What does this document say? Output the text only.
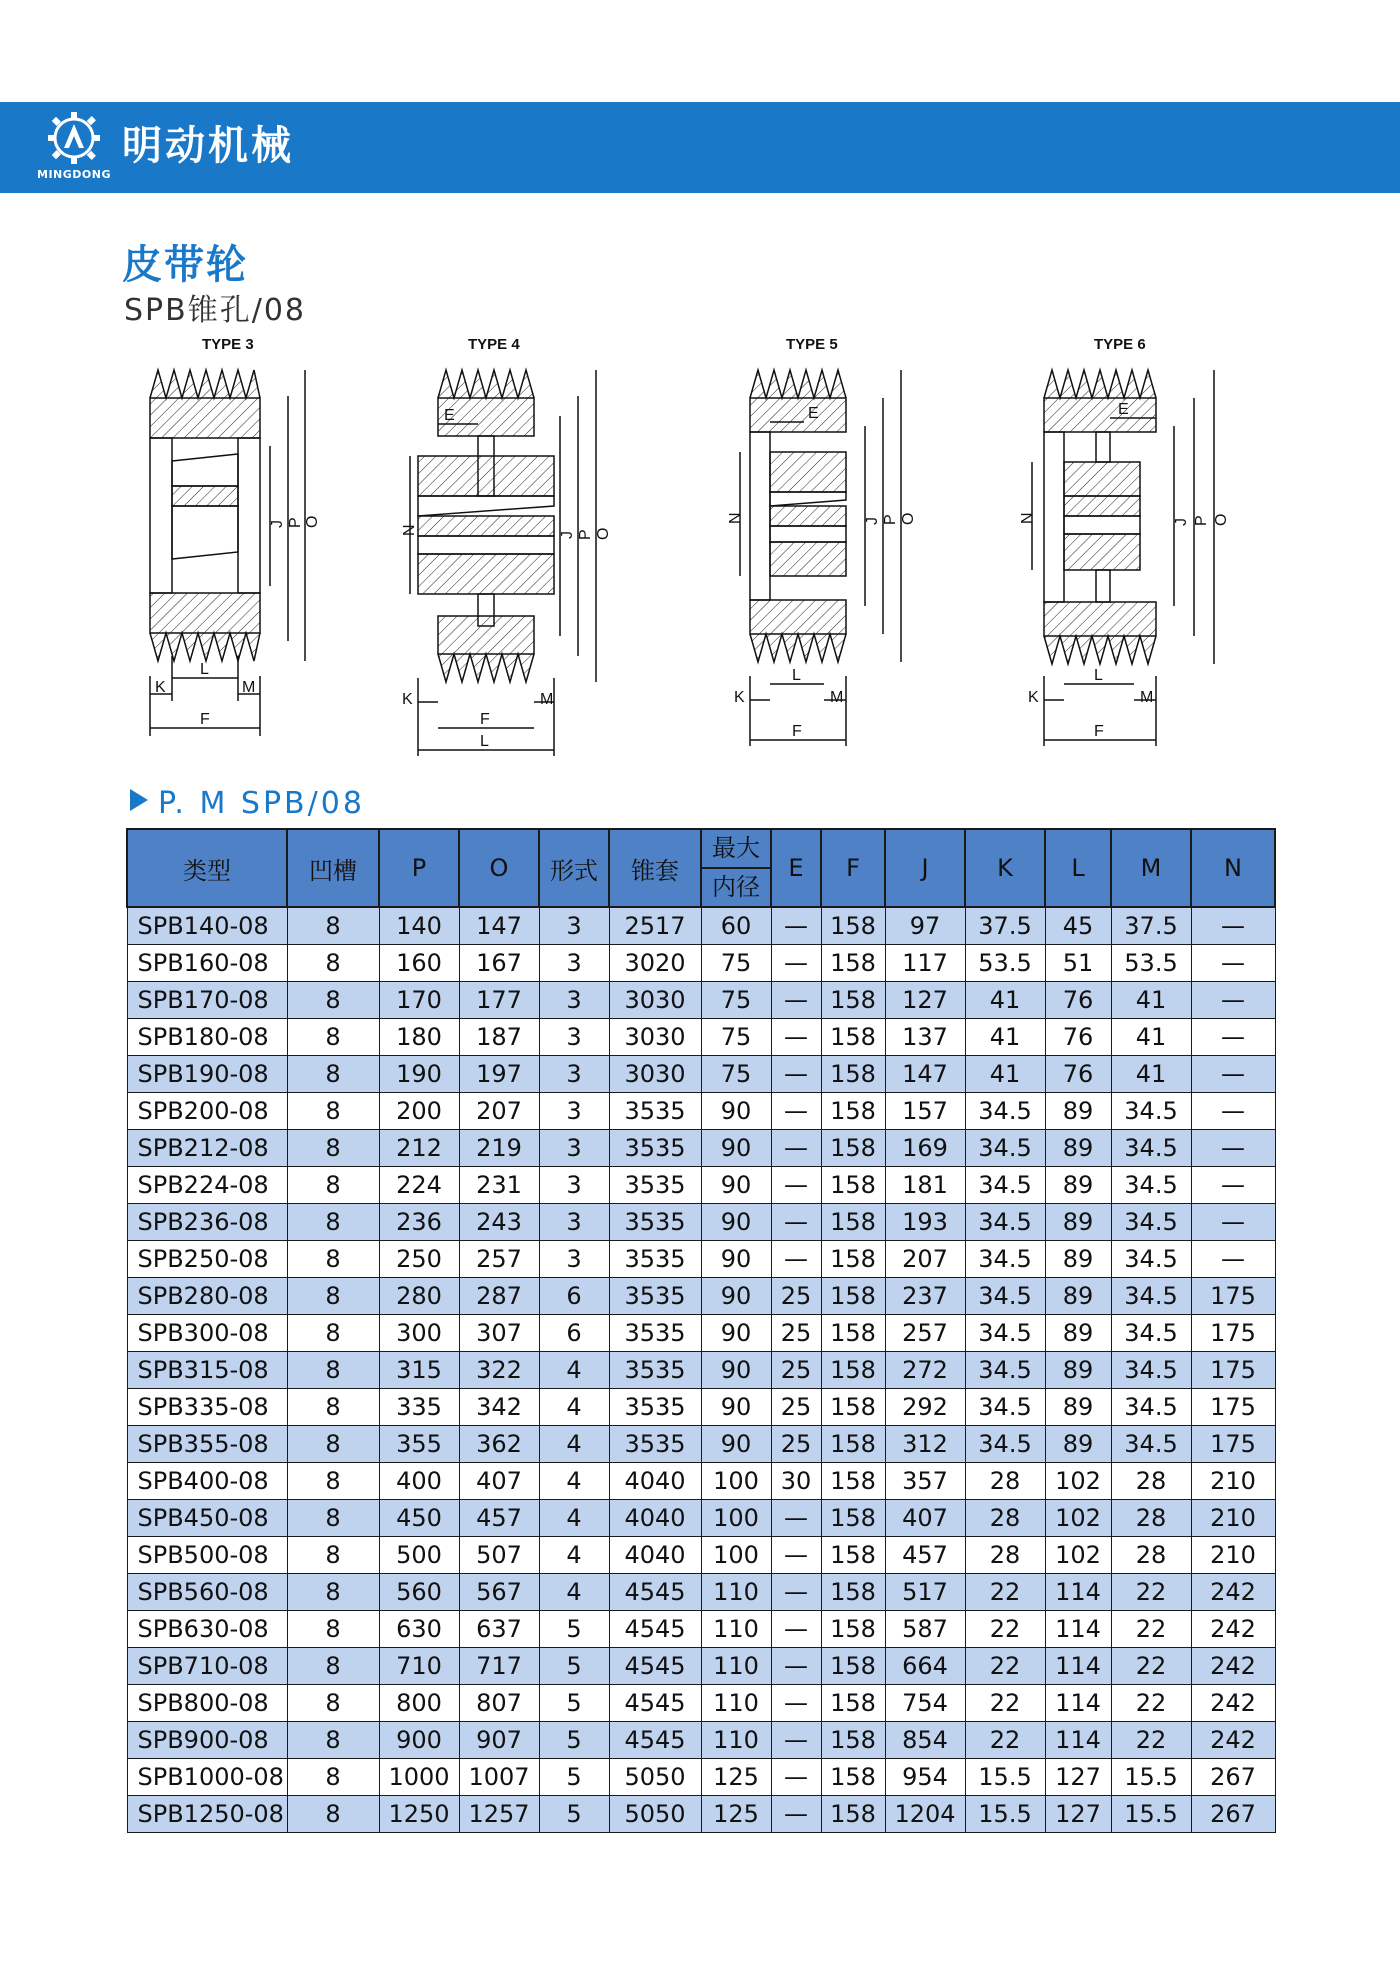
MINGDONG
明动机械
皮带轮
SPB锥孔/08
TYPE 3
J P O
K
L
M
F
TYPE 4
E
N	J P O
K	M
F
L
TYPE 5
E
N	J P O
K
L
M
F
TYPE 6
E
N	J P O
K
L
M
F
P. M SPB/08
类型	凹槽	P	O	形式	锥套	最大
内径	E	F	J	K	L	M	N
SPB140-08	8	140	147	3	2517	60	—	158	97	37.5	45	37.5	—
SPB160-08	8	160	167	3	3020	75	—	158	117	53.5	51	53.5	—
SPB170-08	8	170	177	3	3030	75	—	158	127	41	76	41	—
SPB180-08	8	180	187	3	3030	75	—	158	137	41	76	41	—
SPB190-08	8	190	197	3	3030	75	—	158	147	41	76	41	—
SPB200-08	8	200	207	3	3535	90	—	158	157	34.5	89	34.5	—
SPB212-08	8	212	219	3	3535	90	—	158	169	34.5	89	34.5	—
SPB224-08	8	224	231	3	3535	90	—	158	181	34.5	89	34.5	—
SPB236-08	8	236	243	3	3535	90	—	158	193	34.5	89	34.5	—
SPB250-08	8	250	257	3	3535	90	—	158	207	34.5	89	34.5	—
SPB280-08	8	280	287	6	3535	90	25	158	237	34.5	89	34.5	175
SPB300-08	8	300	307	6	3535	90	25	158	257	34.5	89	34.5	175
SPB315-08	8	315	322	4	3535	90	25	158	272	34.5	89	34.5	175
SPB335-08	8	335	342	4	3535	90	25	158	292	34.5	89	34.5	175
SPB355-08	8	355	362	4	3535	90	25	158	312	34.5	89	34.5	175
SPB400-08	8	400	407	4	4040	100	30	158	357	28	102	28	210
SPB450-08	8	450	457	4	4040	100	—	158	407	28	102	28	210
SPB500-08	8	500	507	4	4040	100	—	158	457	28	102	28	210
SPB560-08	8	560	567	4	4545	110	—	158	517	22	114	22	242
SPB630-08	8	630	637	5	4545	110	—	158	587	22	114	22	242
SPB710-08	8	710	717	5	4545	110	—	158	664	22	114	22	242
SPB800-08	8	800	807	5	4545	110	—	158	754	22	114	22	242
SPB900-08	8	900	907	5	4545	110	—	158	854	22	114	22	242
SPB1000-08	8	1000	1007	5	5050	125	—	158	954	15.5	127	15.5	267
SPB1250-08	8	1250	1257	5	5050	125	—	158	1204	15.5	127	15.5	267
